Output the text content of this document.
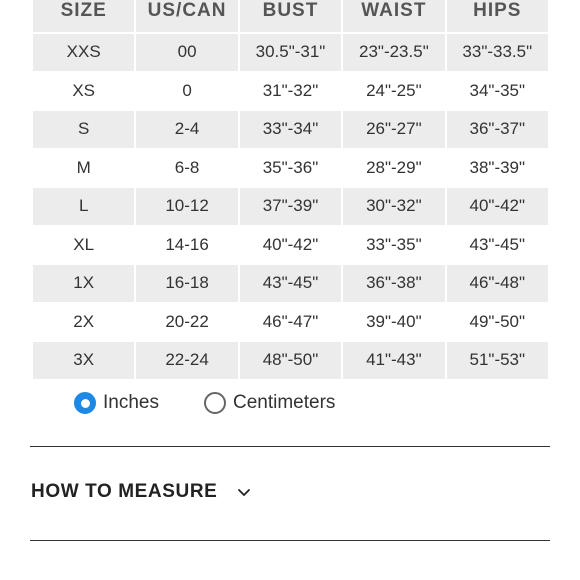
SIZE	US/CAN	BUST	WAIST	HIPS
XXS	00	30.5"-31"	23"-23.5"	33"-33.5"
XS	0	31"-32"	24"-25"	34"-35"
S	2-4	33"-34"	26"-27"	36"-37"
M	6-8	35"-36"	28"-29"	38"-39"
L	10-12	37"-39"	30"-32"	40"-42"
XL	14-16	40"-42"	33"-35"	43"-45"
1X	16-18	43"-45"	36"-38"	46"-48"
2X	20-22	46"-47"	39"-40"	49"-50"
3X	22-24	48"-50"	41"-43"	51"-53"
Inches	Centimeters
HOW TO MEASURE
